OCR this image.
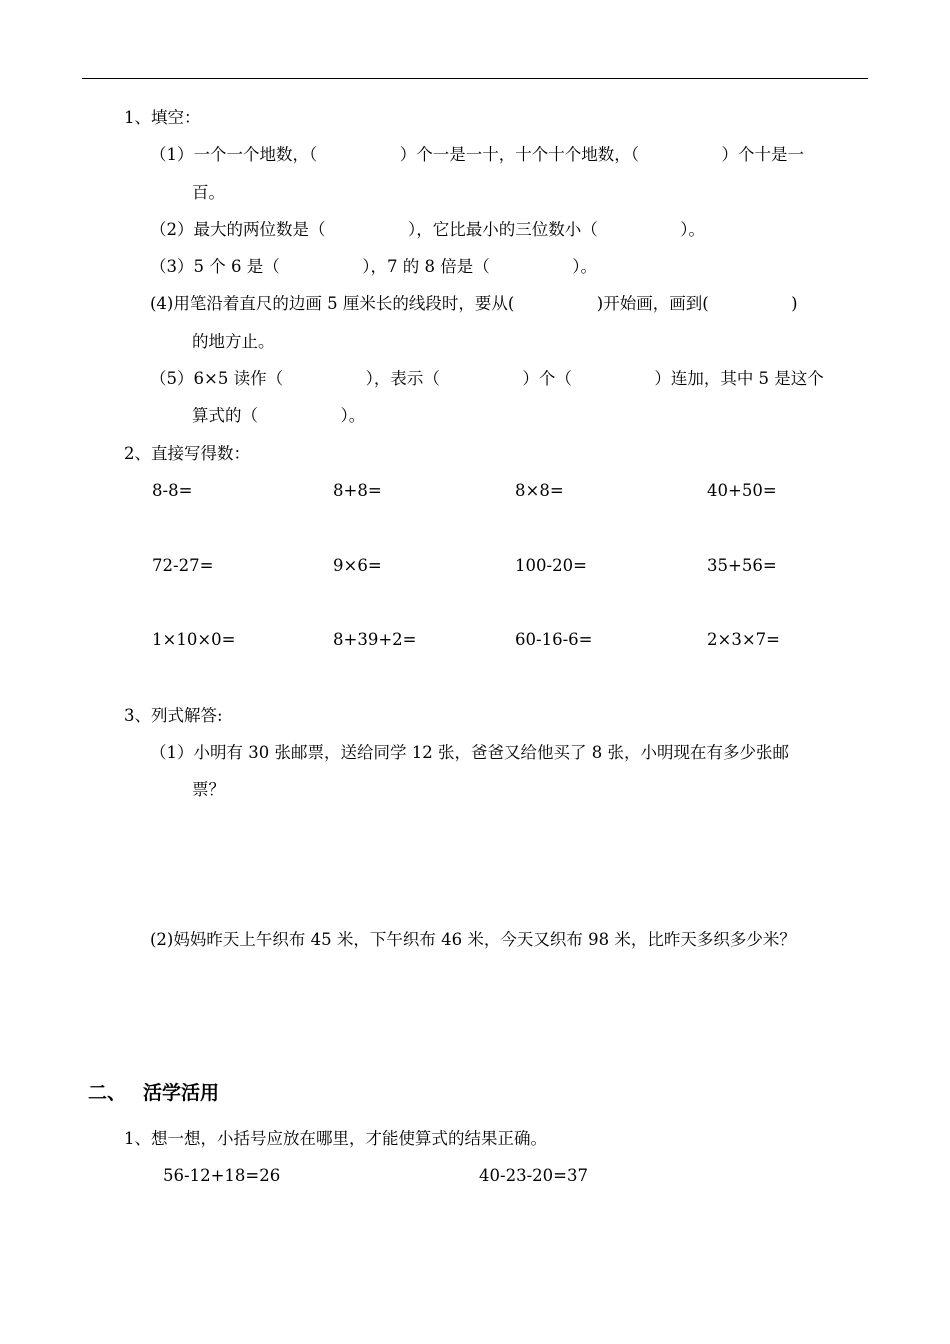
1、填空：
（1）一个一个地数，（　　　　　）个一是一十，十个十个地数，（　　　　　）个十是一
百。
（2）最大的两位数是（　　　　　），它比最小的三位数小（　　　　　）。
（3）5 个 6 是（　　　　　），7 的 8 倍是（　　　　　）。
(4)用笔沿着直尺的边画 5 厘米长的线段时，要从(　　　　　)开始画，画到(　　　　　)
的地方止。
（5）6×5 读作（　　　　　），表示（　　　　　）个（　　　　　）连加，其中 5 是这个
算式的（　　　　　）。
2、直接写得数：
8-8=	8+8=	8×8=	40+50=
72-27=	9×6=	100-20=	35+56=
1×10×0=	8+39+2=	60-16-6=	2×3×7=
3、列式解答:
（1）小明有 30 张邮票，送给同学 12 张，爸爸又给他买了 8 张，小明现在有多少张邮
票？
(2)妈妈昨天上午织布 45 米，下午织布 46 米，今天又织布 98 米，比昨天多织多少米？
二、 活学活用
1、想一想，小括号应放在哪里，才能使算式的结果正确。
56-12+18=26	40-23-20=37
